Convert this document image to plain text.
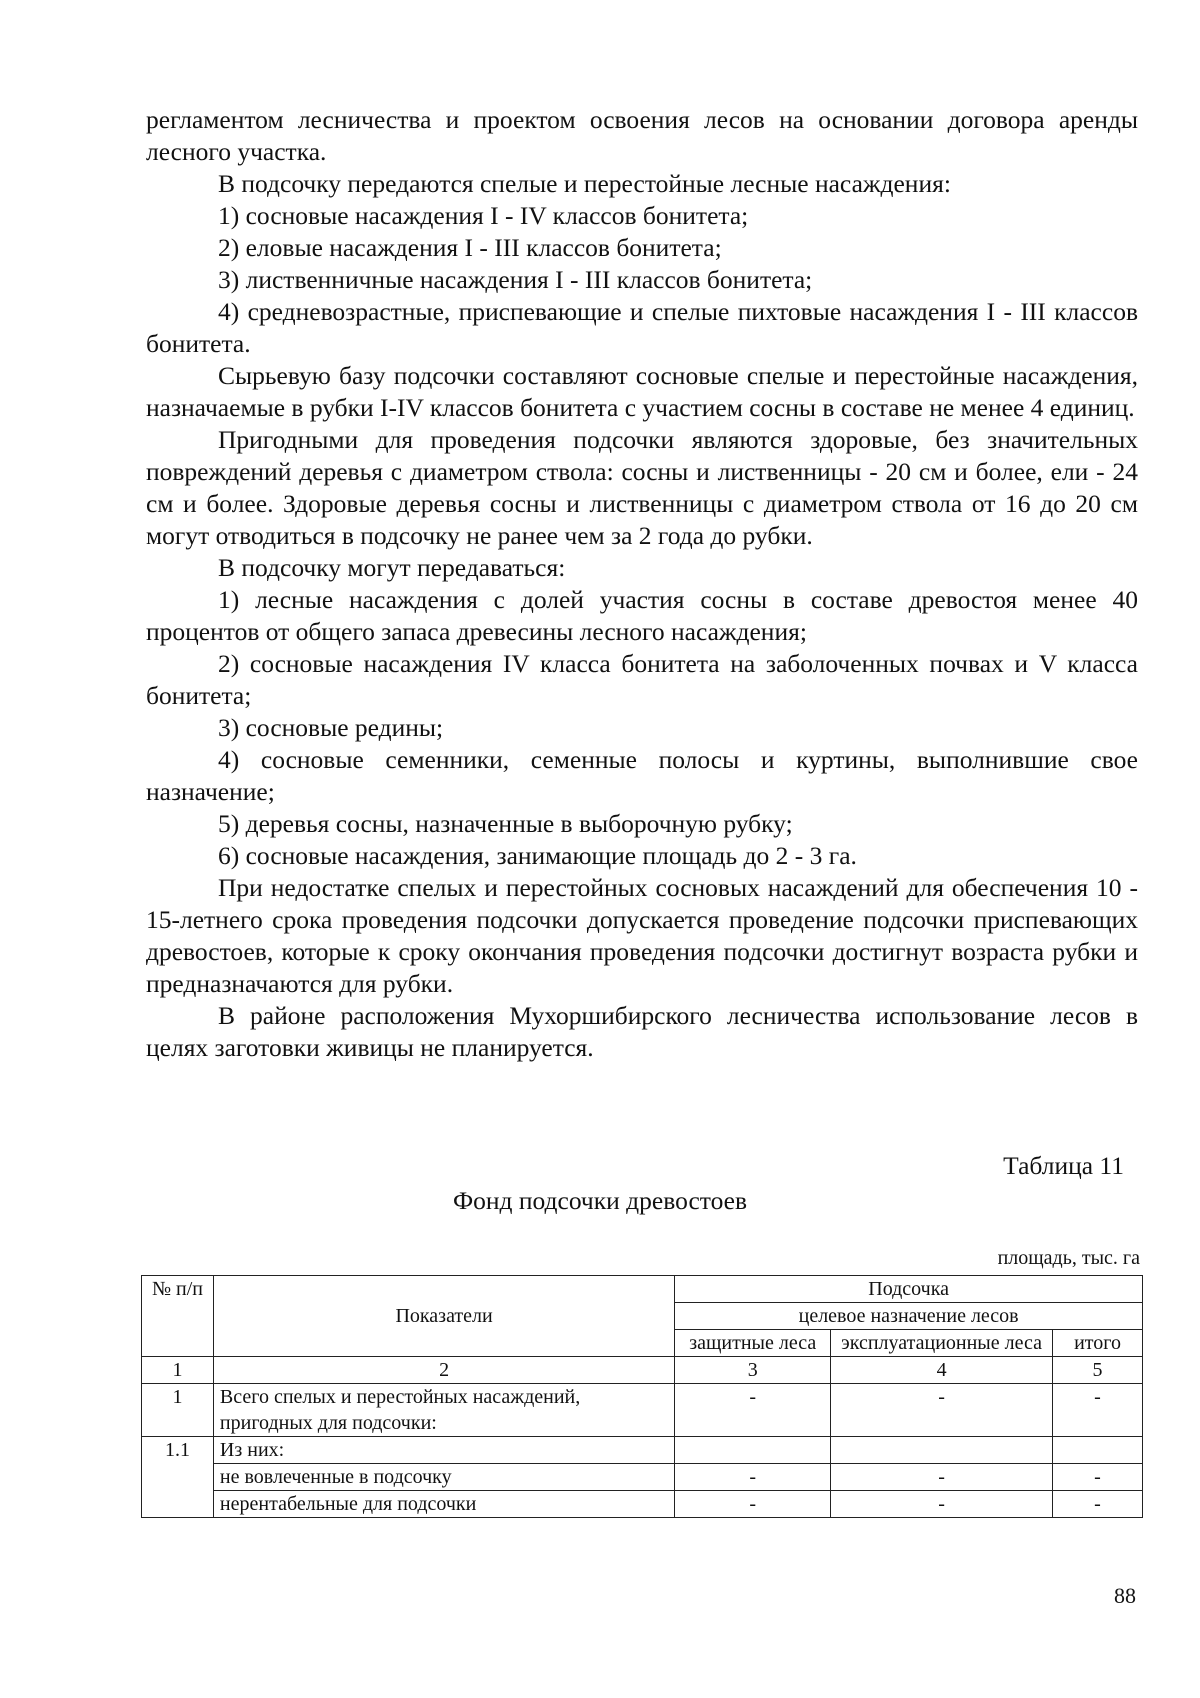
регламентом лесничества и проектом освоения лесов на основании договора аренды лесного участка.

В подсочку передаются спелые и перестойные лесные насаждения:

1) сосновые насаждения I - IV классов бонитета;

2) еловые насаждения I - III классов бонитета;

3) лиственничные насаждения I - III классов бонитета;

4) средневозрастные, приспевающие и спелые пихтовые насаждения I - III классов бонитета.

Сырьевую базу подсочки составляют сосновые спелые и перестойные насаждения, назначаемые в рубки I-IV классов бонитета с участием сосны в составе не менее 4 единиц.

Пригодными для проведения подсочки являются здоровые, без значительных повреждений деревья с диаметром ствола: сосны и лиственницы - 20 см и более, ели - 24 см и более. Здоровые деревья сосны и лиственницы с диаметром ствола от 16 до 20 см могут отводиться в подсочку не ранее чем за 2 года до рубки.

В подсочку могут передаваться:

1) лесные насаждения с долей участия сосны в составе древостоя менее 40 процентов от общего запаса древесины лесного насаждения;

2) сосновые насаждения IV класса бонитета на заболоченных почвах и V класса бонитета;

3) сосновые редины;

4) сосновые семенники, семенные полосы и куртины, выполнившие свое назначение;

5) деревья сосны, назначенные в выборочную рубку;

6) сосновые насаждения, занимающие площадь до 2 - 3 га.

При недостатке спелых и перестойных сосновых насаждений для обеспечения 10 - 15-летнего срока проведения подсочки допускается проведение подсочки приспевающих древостоев, которые к сроку окончания проведения подсочки достигнут возраста рубки и предназначаются для рубки.

В районе расположения Мухоршибирского лесничества использование лесов в целях заготовки живицы не планируется.

Таблица 11
Фонд подсочки древостоев
площадь, тыс. га
№ п/п	Показатели	Подсочка		
		целевое назначение лесов		
		защитные леса	эксплуатационные леса	итого
1	2	3	4	5
1	Всего спелых и перестойных насаждений, пригодных для подсочки:	-	-	-
1.1	Из них:			
	не вовлеченные в подсочку	-	-	-
	нерентабельные для подсочки	-	-	-
88
